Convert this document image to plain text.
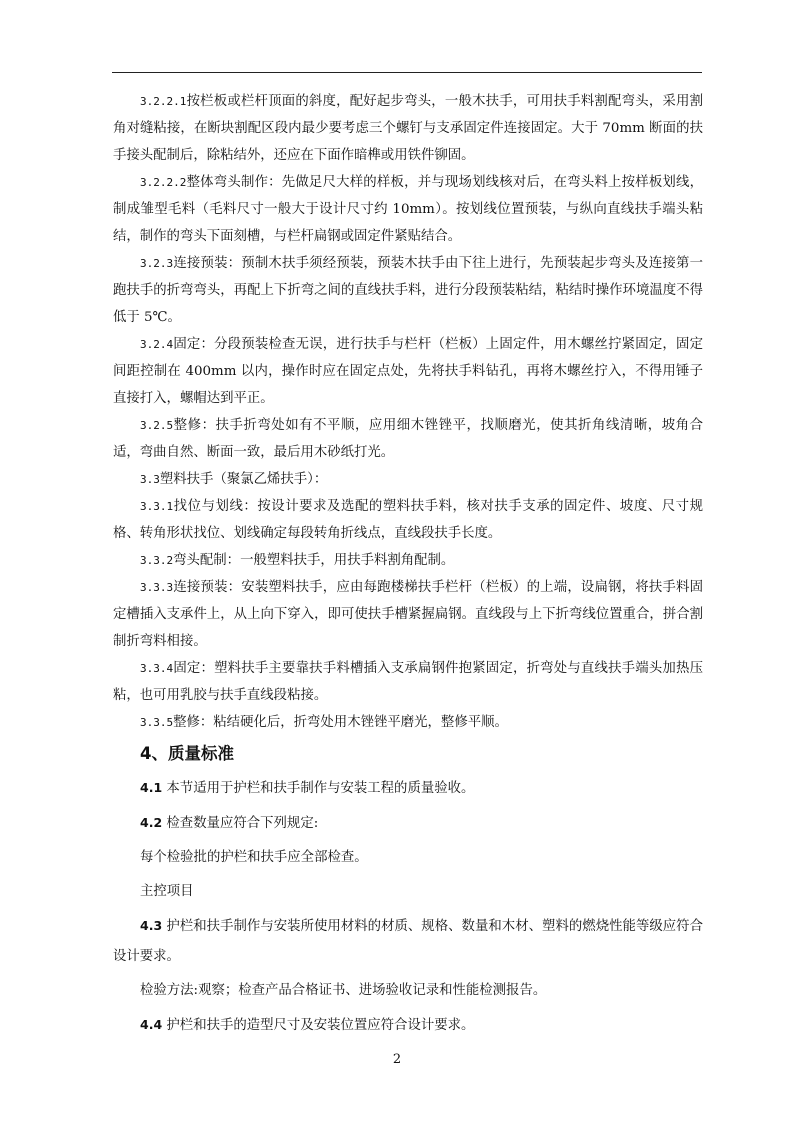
3.2.2.1按栏板或栏杆顶面的斜度，配好起步弯头，一般木扶手，可用扶手料割配弯头，采用割角对缝粘接，在断块割配区段内最少要考虑三个螺钉与支承固定件连接固定。大于 70mm 断面的扶手接头配制后，除粘结外，还应在下面作暗榫或用铁件铆固。

3.2.2.2整体弯头制作：先做足尺大样的样板，并与现场划线核对后，在弯头料上按样板划线，制成雏型毛料（毛料尺寸一般大于设计尺寸约 10mm）。按划线位置预装，与纵向直线扶手端头粘结，制作的弯头下面刻槽，与栏杆扁钢或固定件紧贴结合。

3.2.3连接预装：预制木扶手须经预装，预装木扶手由下往上进行，先预装起步弯头及连接第一跑扶手的折弯弯头，再配上下折弯之间的直线扶手料，进行分段预装粘结，粘结时操作环境温度不得低于 5℃。

3.2.4固定：分段预装检查无误，进行扶手与栏杆（栏板）上固定件，用木螺丝拧紧固定，固定间距控制在 400mm 以内，操作时应在固定点处，先将扶手料钻孔，再将木螺丝拧入，不得用锤子直接打入，螺帽达到平正。

3.2.5整修：扶手折弯处如有不平顺，应用细木锉锉平，找顺磨光，使其折角线清晰，坡角合适，弯曲自然、断面一致，最后用木砂纸打光。

3.3塑料扶手（聚氯乙烯扶手）：

3.3.1找位与划线：按设计要求及选配的塑料扶手料，核对扶手支承的固定件、坡度、尺寸规格、转角形状找位、划线确定每段转角折线点，直线段扶手长度。

3.3.2弯头配制：一般塑料扶手，用扶手料割角配制。

3.3.3连接预装：安装塑料扶手，应由每跑楼梯扶手栏杆（栏板）的上端，设扁钢，将扶手料固定槽插入支承件上，从上向下穿入，即可使扶手槽紧握扁钢。直线段与上下折弯线位置重合，拼合割制折弯料相接。

3.3.4固定：塑料扶手主要靠扶手料槽插入支承扁钢件抱紧固定，折弯处与直线扶手端头加热压粘，也可用乳胶与扶手直线段粘接。

3.3.5整修：粘结硬化后，折弯处用木锉锉平磨光，整修平顺。

4、质量标准

4.1 本节适用于护栏和扶手制作与安装工程的质量验收。

4.2 检查数量应符合下列规定:

每个检验批的护栏和扶手应全部检查。

主控项目

4.3 护栏和扶手制作与安装所使用材料的材质、规格、数量和木材、塑料的燃烧性能等级应符合设计要求。

检验方法:观察；检查产品合格证书、进场验收记录和性能检测报告。

4.4 护栏和扶手的造型尺寸及安装位置应符合设计要求。

2
